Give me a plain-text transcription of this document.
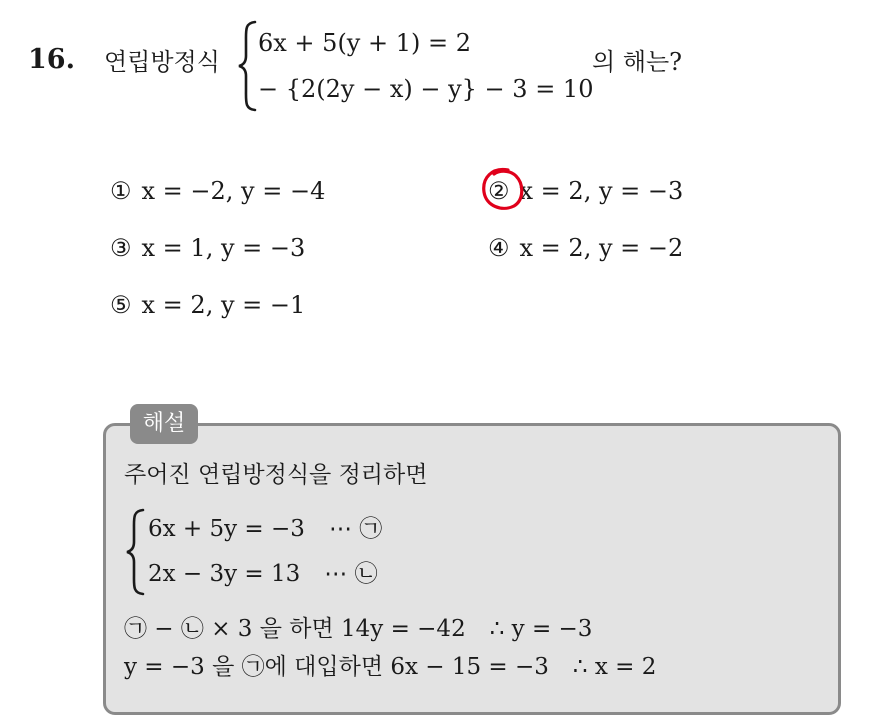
16. 연립방정식
6x + 5(y + 1) = 2
− {2(2y − x) − y} − 3 = 10
의 해는?
① x = −2, y = −4	② x = 2, y = −3
③ x = 1, y = −3	④ x = 2, y = −2
⑤ x = 2, y = −1
해설
주어진 연립방정식을 정리하면
6x + 5y = −3 ⋯ ㉠
2x − 3y = 13 ⋯ ㉡
㉠ − ㉡ × 3 을 하면 14y = −42 ∴ y = −3
y = −3 을 ㉠에 대입하면 6x − 15 = −3 ∴ x = 2
